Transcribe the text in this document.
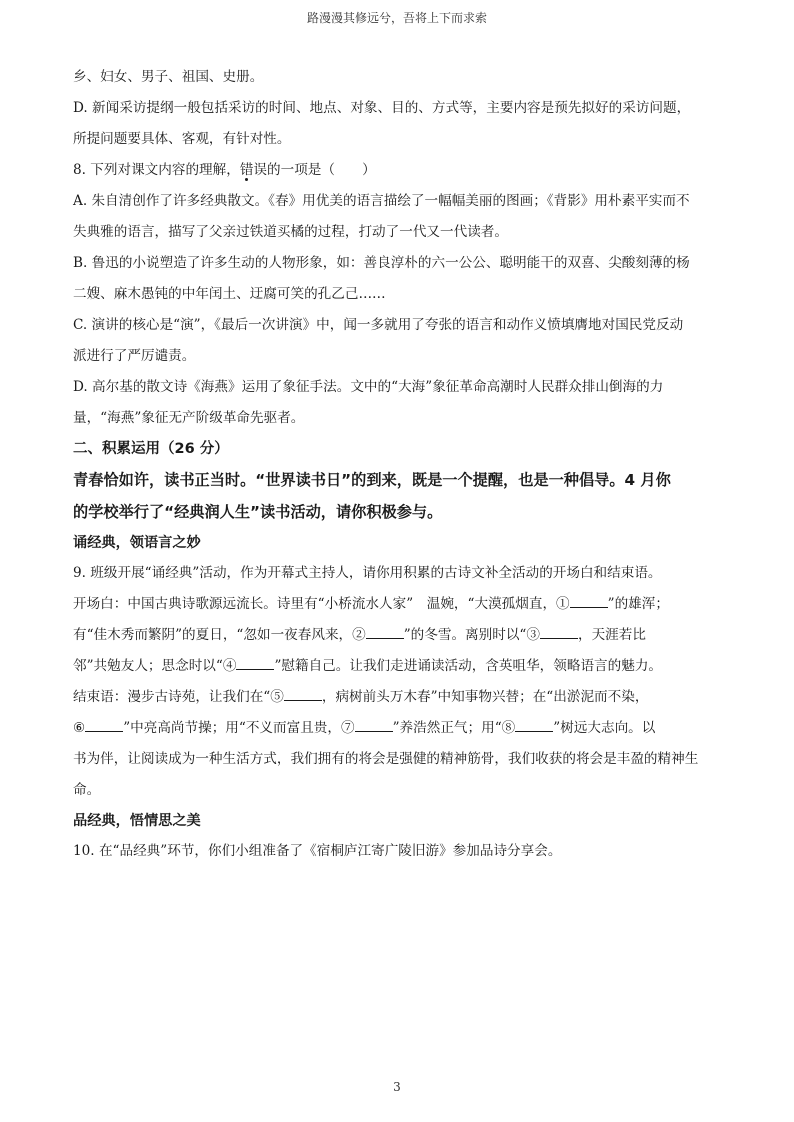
路漫漫其修远兮，吾将上下而求索

乡、妇女、男子、祖国、史册。

D. 新闻采访提纲一般包括采访的时间、地点、对象、目的、方式等，主要内容是预先拟好的采访问题，

所提问题要具体、客观，有针对性。

8. 下列对课文内容的理解，错误的一项是（　　）

A. 朱自清创作了许多经典散文。《春》用优美的语言描绘了一幅幅美丽的图画；《背影》用朴素平实而不

失典雅的语言，描写了父亲过铁道买橘的过程，打动了一代又一代读者。

B. 鲁迅的小说塑造了许多生动的人物形象，如：善良淳朴的六一公公、聪明能干的双喜、尖酸刻薄的杨

二嫂、麻木愚钝的中年闰土、迂腐可笑的孔乙己……

C. 演讲的核心是“演”，《最后一次讲演》中，闻一多就用了夸张的语言和动作义愤填膺地对国民党反动

派进行了严厉谴责。

D. 高尔基的散文诗《海燕》运用了象征手法。文中的“大海”象征革命高潮时人民群众排山倒海的力

量，“海燕”象征无产阶级革命先驱者。

二、积累运用（26 分）

青春恰如许，读书正当时。“世界读书日”的到来，既是一个提醒，也是一种倡导。4 月你

的学校举行了“经典润人生”读书活动，请你积极参与。

诵经典，领语言之妙

9. 班级开展“诵经典”活动，作为开幕式主持人，请你用积累的古诗文补全活动的开场白和结束语。

开场白：中国古典诗歌源远流长。诗里有“小桥流水人家”　温婉，“大漠孤烟直，①	”的雄浑；

有“佳木秀而繁阴”的夏日，“忽如一夜春风来，②	”的冬雪。离别时以“③	，天涯若比

邻”共勉友人；思念时以“④	”慰籍自己。让我们走进诵读活动，含英咀华，领略语言的魅力。

结束语：漫步古诗苑，让我们在“⑤	，病树前头万木春”中知事物兴替；在“出淤泥而不染，

⑥	”中亮高尚节操；用“不义而富且贵，⑦	”养浩然正气；用“⑧	”树远大志向。以

书为伴，让阅读成为一种生活方式，我们拥有的将会是强健的精神筋骨，我们收获的将会是丰盈的精神生

命。

品经典，悟情思之美

10. 在“品经典”环节，你们小组准备了《宿桐庐江寄广陵旧游》参加品诗分享会。

3
